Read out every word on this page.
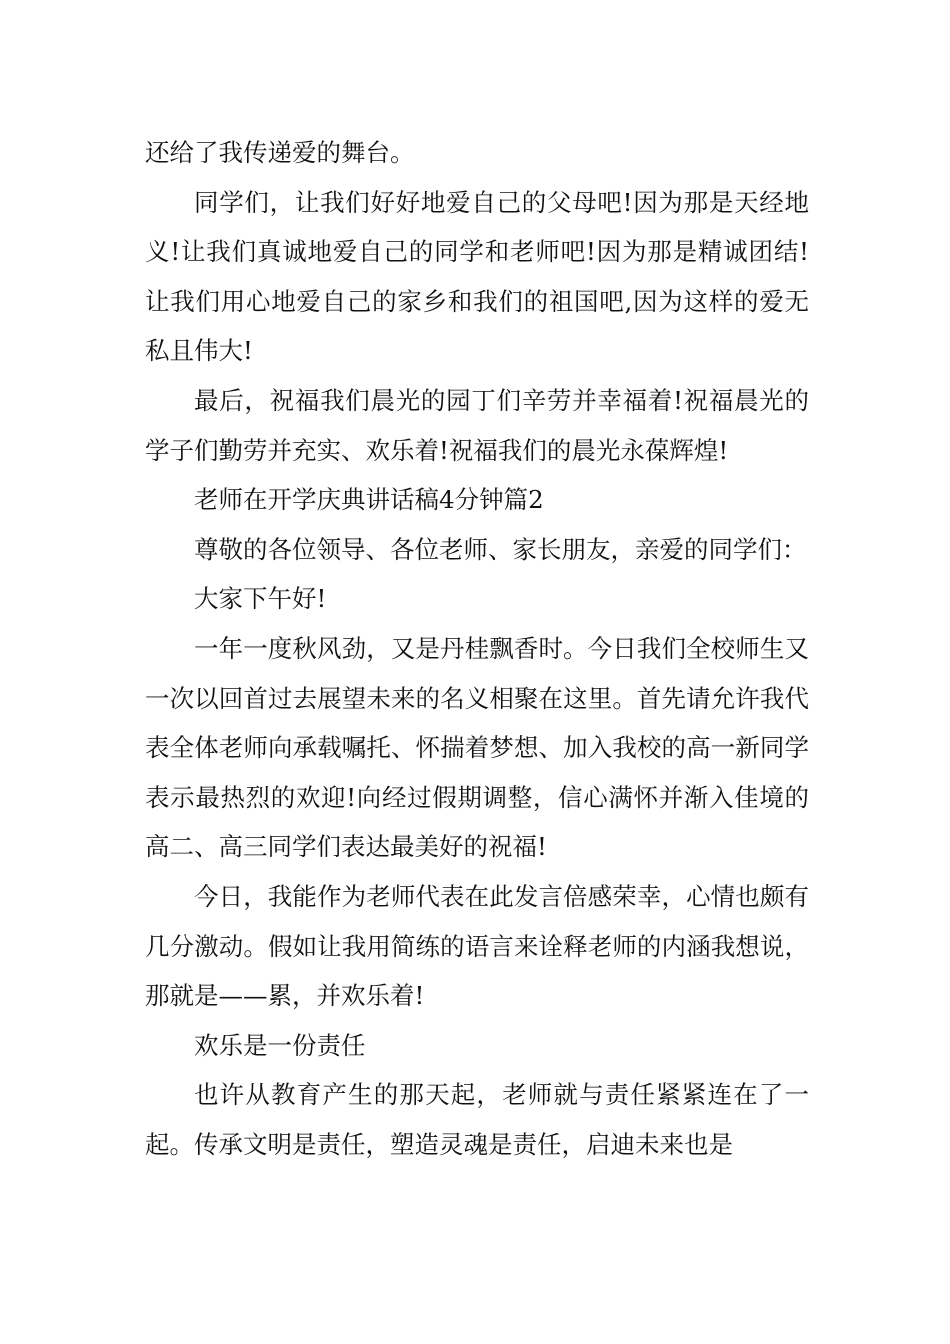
还给了我传递爱的舞台。

同学们，让我们好好地爱自己的父母吧!因为那是天经地义!让我们真诚地爱自己的同学和老师吧!因为那是精诚团结!让我们用心地爱自己的家乡和我们的祖国吧,因为这样的爱无私且伟大!

最后，祝福我们晨光的园丁们辛劳并幸福着!祝福晨光的学子们勤劳并充实、欢乐着!祝福我们的晨光永葆辉煌!

老师在开学庆典讲话稿4分钟篇2

尊敬的各位领导、各位老师、家长朋友，亲爱的同学们：

大家下午好!

一年一度秋风劲，又是丹桂飘香时。今日我们全校师生又一次以回首过去展望未来的名义相聚在这里。首先请允许我代表全体老师向承载嘱托、怀揣着梦想、加入我校的高一新同学表示最热烈的欢迎!向经过假期调整，信心满怀并渐入佳境的高二、高三同学们表达最美好的祝福!

今日，我能作为老师代表在此发言倍感荣幸，心情也颇有几分激动。假如让我用简练的语言来诠释老师的内涵我想说，那就是——累，并欢乐着!

欢乐是一份责任

也许从教育产生的那天起，老师就与责任紧紧连在了一起。传承文明是责任，塑造灵魂是责任，启迪未来也是
